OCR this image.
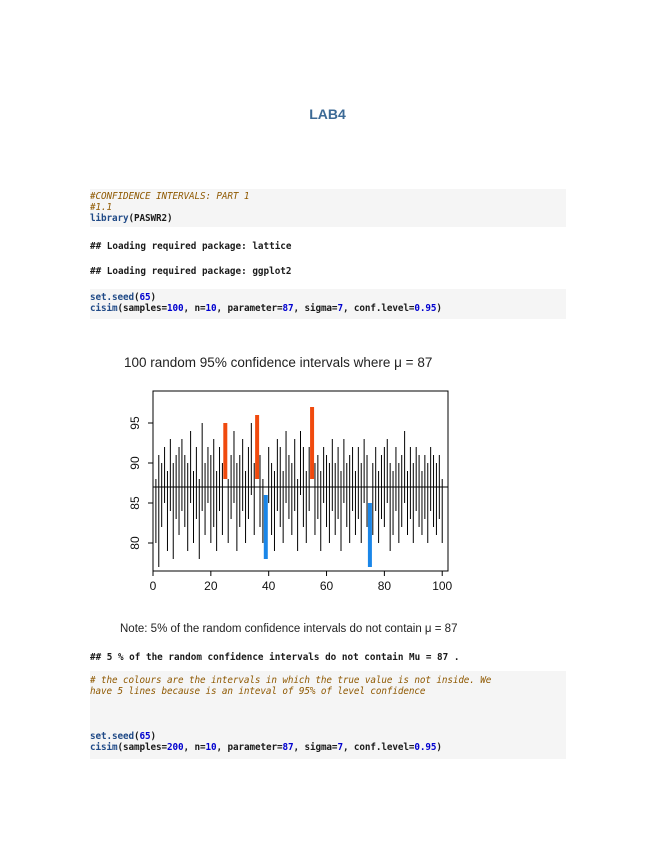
LAB4
#CONFIDENCE INTERVALS: PART 1
#1.1
library(PASWR2)
## Loading required package: lattice
## Loading required package: ggplot2
set.seed(65)
cisim(samples=100, n=10, parameter=87, sigma=7, conf.level=0.95)
100 random 95% confidence intervals where μ = 87
0	20	40	60	80	100
80
85
90
95
Note: 5% of the random confidence intervals do not contain μ = 87
## 5 % of the random confidence intervals do not contain Mu = 87 .
# the colours are the intervals in which the true value is not inside. We
have 5 lines because is an inteval of 95% of level confidence
set.seed(65)
cisim(samples=200, n=10, parameter=87, sigma=7, conf.level=0.95)
